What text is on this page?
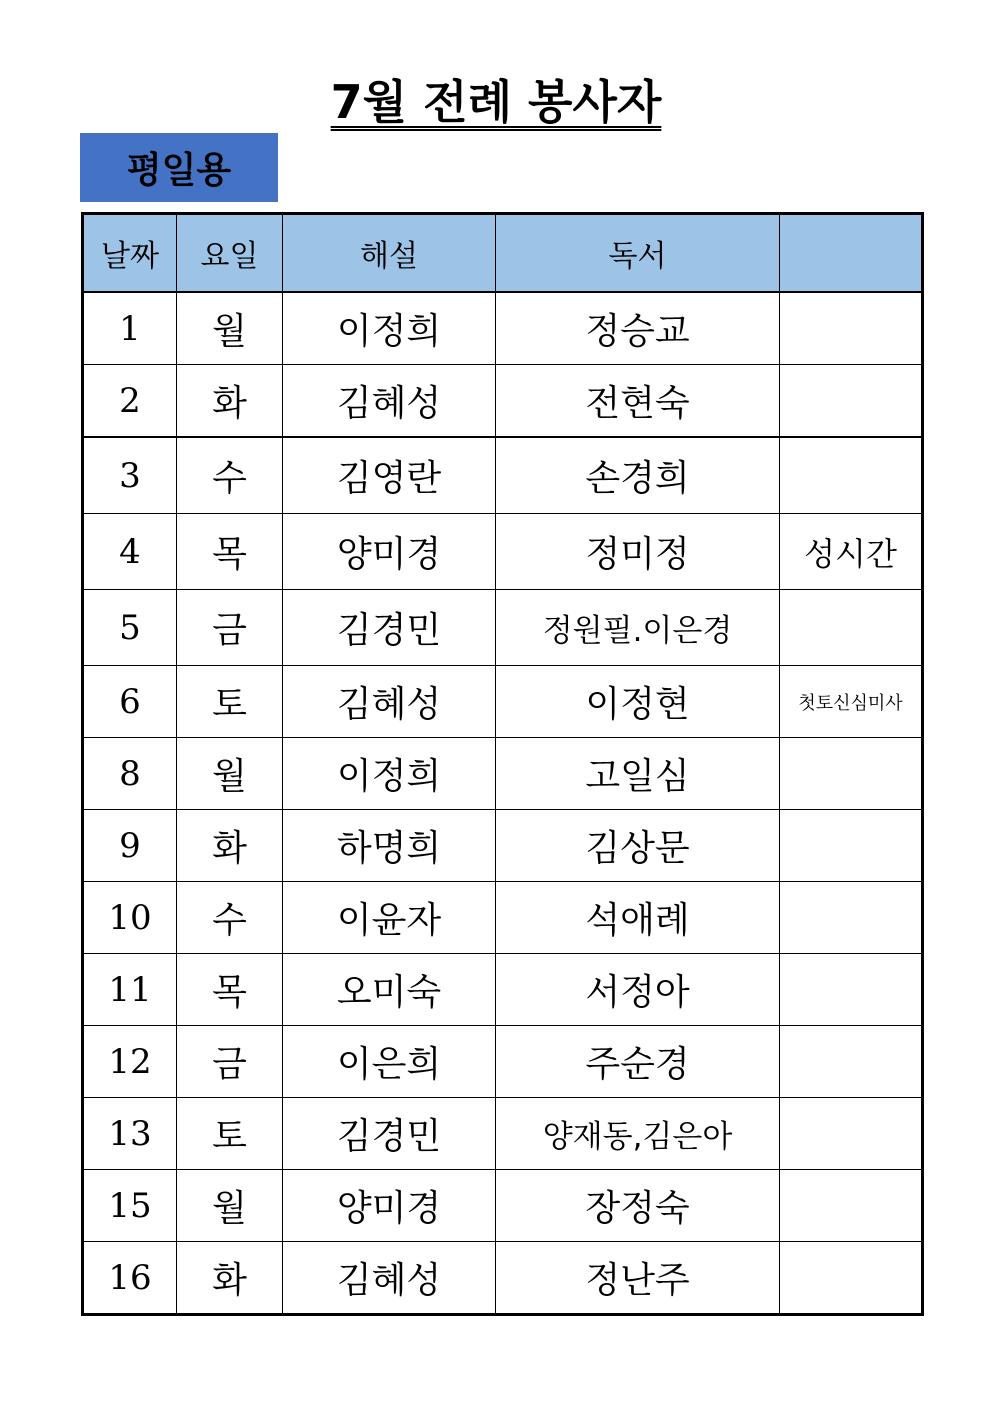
7월 전례 봉사자
평일용
날짜	요일	해설	독서	
1	월	이정희	정승교	
2	화	김혜성	전현숙	
3	수	김영란	손경희	
4	목	양미경	정미정	성시간
5	금	김경민	정원필.이은경	
6	토	김혜성	이정현	첫토신심미사
8	월	이정희	고일심	
9	화	하명희	김상문	
10	수	이윤자	석애례	
11	목	오미숙	서정아	
12	금	이은희	주순경	
13	토	김경민	양재동,김은아	
15	월	양미경	장정숙	
16	화	김혜성	정난주	
